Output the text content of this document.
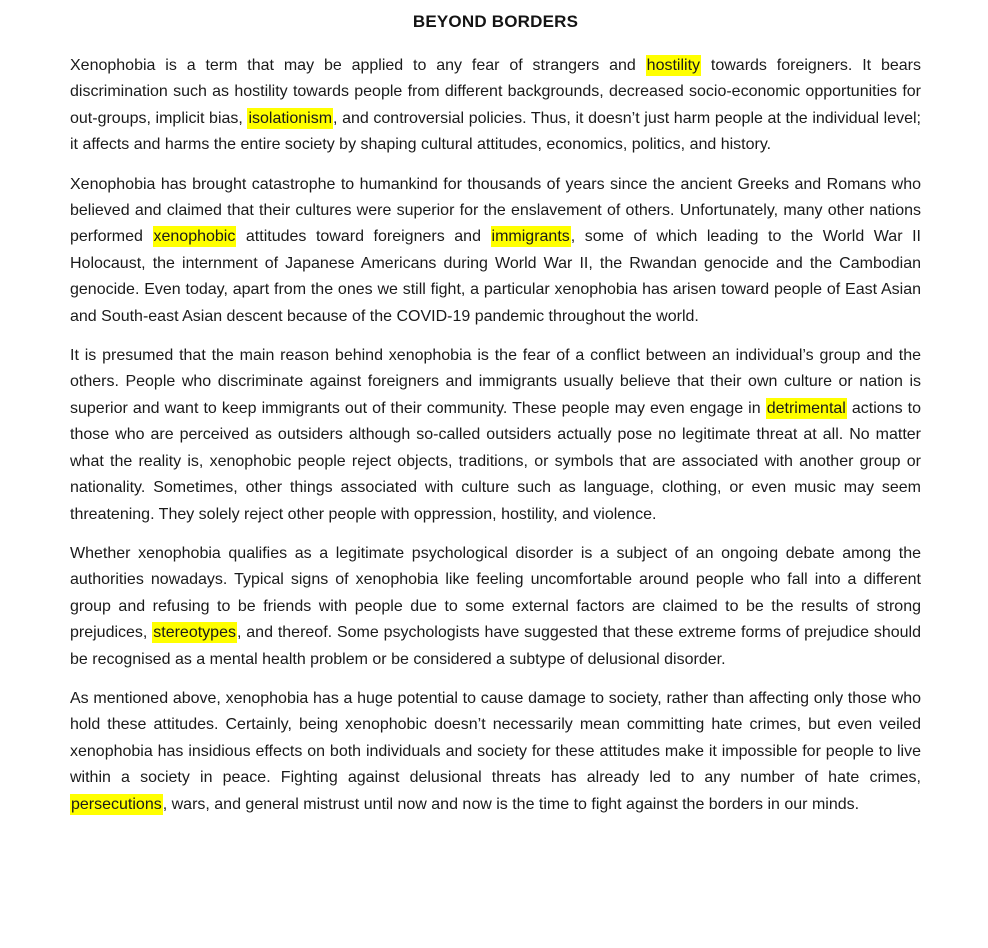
BEYOND BORDERS

Xenophobia is a term that may be applied to any fear of strangers and hostility towards foreigners. It bears discrimination such as hostility towards people from different backgrounds, decreased socio-economic opportunities for out-groups, implicit bias, isolationism, and controversial policies. Thus, it doesn’t just harm people at the individual level; it affects and harms the entire society by shaping cultural attitudes, economics, politics, and history.

Xenophobia has brought catastrophe to humankind for thousands of years since the ancient Greeks and Romans who believed and claimed that their cultures were superior for the enslavement of others. Unfortunately, many other nations performed xenophobic attitudes toward foreigners and immigrants, some of which leading to the World War II Holocaust, the internment of Japanese Americans during World War II, the Rwandan genocide and the Cambodian genocide. Even today, apart from the ones we still fight, a particular xenophobia has arisen toward people of East Asian and South-east Asian descent because of the COVID-19 pandemic throughout the world.

It is presumed that the main reason behind xenophobia is the fear of a conflict between an individual’s group and the others. People who discriminate against foreigners and immigrants usually believe that their own culture or nation is superior and want to keep immigrants out of their community. These people may even engage in detrimental actions to those who are perceived as outsiders although so-called outsiders actually pose no legitimate threat at all. No matter what the reality is, xenophobic people reject objects, traditions, or symbols that are associated with another group or nationality. Sometimes, other things associated with culture such as language, clothing, or even music may seem threatening. They solely reject other people with oppression, hostility, and violence.

Whether xenophobia qualifies as a legitimate psychological disorder is a subject of an ongoing debate among the authorities nowadays. Typical signs of xenophobia like feeling uncomfortable around people who fall into a different group and refusing to be friends with people due to some external factors are claimed to be the results of strong prejudices, stereotypes, and thereof. Some psychologists have suggested that these extreme forms of prejudice should be recognised as a mental health problem or be considered a subtype of delusional disorder.

As mentioned above, xenophobia has a huge potential to cause damage to society, rather than affecting only those who hold these attitudes. Certainly, being xenophobic doesn’t necessarily mean committing hate crimes, but even veiled xenophobia has insidious effects on both individuals and society for these attitudes make it impossible for people to live within a society in peace. Fighting against delusional threats has already led to any number of hate crimes, persecutions, wars, and general mistrust until now and now is the time to fight against the borders in our minds.
